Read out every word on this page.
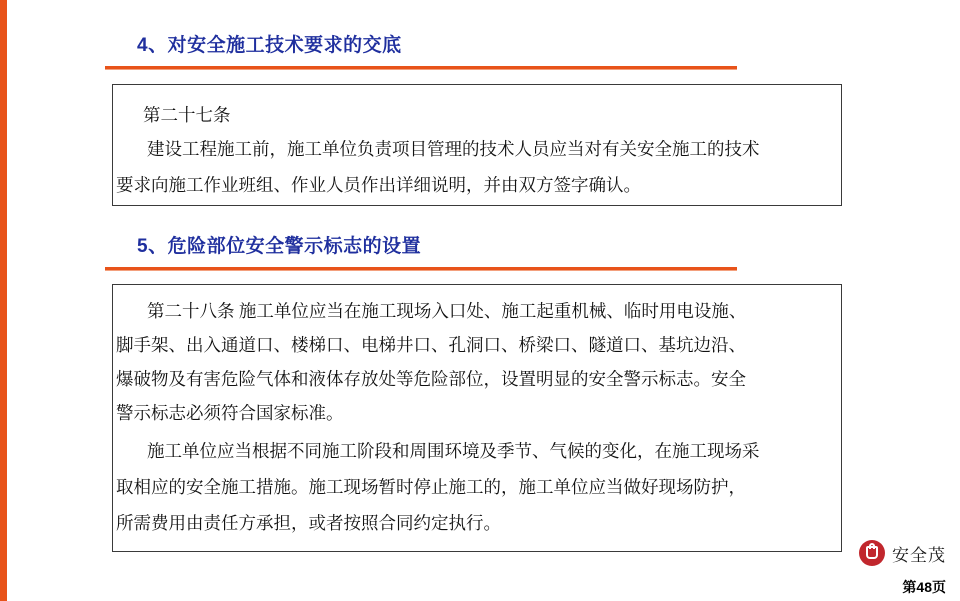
4、对安全施工技术要求的交底
第二十七条
建设工程施工前，施工单位负责项目管理的技术人员应当对有关安全施工的技术
要求向施工作业班组、作业人员作出详细说明，并由双方签字确认。
5、危险部位安全警示标志的设置
第二十八条 施工单位应当在施工现场入口处、施工起重机械、临时用电设施、
脚手架、出入通道口、楼梯口、电梯井口、孔洞口、桥梁口、隧道口、基坑边沿、
爆破物及有害危险气体和液体存放处等危险部位，设置明显的安全警示标志。安全
警示标志必须符合国家标准。
施工单位应当根据不同施工阶段和周围环境及季节、气候的变化，在施工现场采
取相应的安全施工措施。施工现场暂时停止施工的，施工单位应当做好现场防护，
所需费用由责任方承担，或者按照合同约定执行。
安全茂
第48页
